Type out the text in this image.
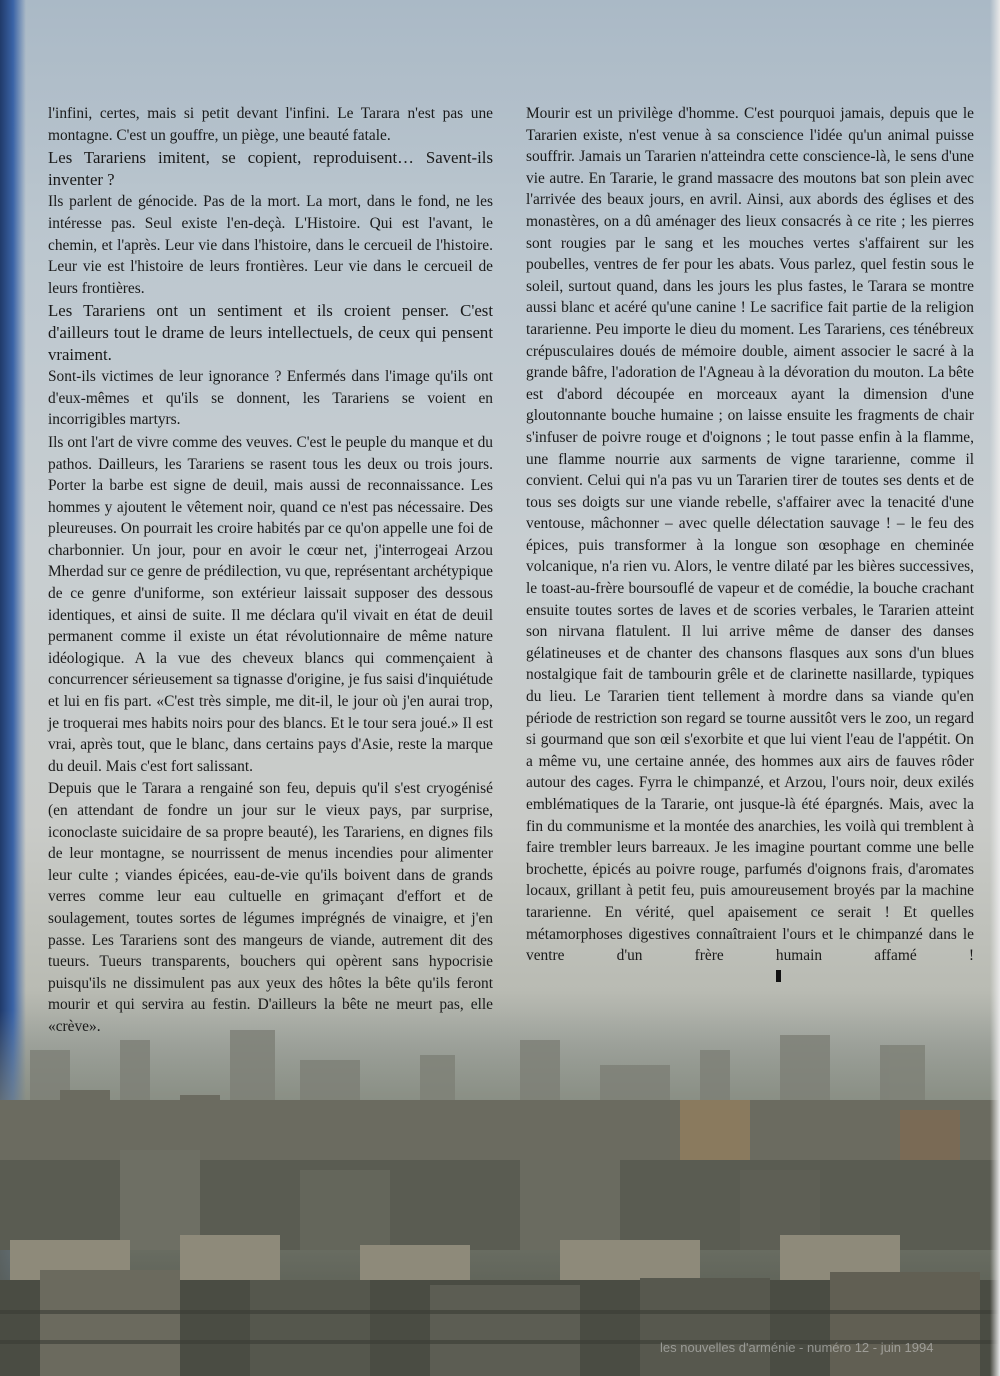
l'infini, certes, mais si petit devant l'infini. Le Tarara n'est pas une montagne. C'est un gouffre, un piège, une beauté fatale.

Les Tarariens imitent, se copient, reproduisent… Savent-ils inventer ?

Ils parlent de génocide. Pas de la mort. La mort, dans le fond, ne les intéresse pas. Seul existe l'en-deçà. L'Histoire. Qui est l'avant, le chemin, et l'après. Leur vie dans l'histoire, dans le cercueil de l'histoire. Leur vie est l'histoire de leurs frontières. Leur vie dans le cercueil de leurs frontières.

Les Tarariens ont un sentiment et ils croient penser. C'est d'ailleurs tout le drame de leurs intellectuels, de ceux qui pensent vraiment.

Sont-ils victimes de leur ignorance ? Enfermés dans l'image qu'ils ont d'eux-mêmes et qu'ils se donnent, les Tarariens se voient en incorrigibles martyrs.

Ils ont l'art de vivre comme des veuves. C'est le peuple du manque et du pathos. Dailleurs, les Tarariens se rasent tous les deux ou trois jours. Porter la barbe est signe de deuil, mais aussi de reconnaissance. Les hommes y ajoutent le vêtement noir, quand ce n'est pas nécessaire. Des pleureuses. On pourrait les croire habités par ce qu'on appelle une foi de charbonnier. Un jour, pour en avoir le cœur net, j'interrogeai Arzou Mherdad sur ce genre de prédilection, vu que, représentant archétypique de ce genre d'uniforme, son extérieur laissait supposer des dessous identiques, et ainsi de suite. Il me déclara qu'il vivait en état de deuil permanent comme il existe un état révolutionnaire de même nature idéologique. A la vue des cheveux blancs qui commençaient à concurrencer sérieusement sa tignasse d'origine, je fus saisi d'inquiétude et lui en fis part. «C'est très simple, me dit-il, le jour où j'en aurai trop, je troquerai mes habits noirs pour des blancs. Et le tour sera joué.» Il est vrai, après tout, que le blanc, dans certains pays d'Asie, reste la marque du deuil. Mais c'est fort salissant.

Depuis que le Tarara a rengainé son feu, depuis qu'il s'est cryogénisé (en attendant de fondre un jour sur le vieux pays, par surprise, iconoclaste suicidaire de sa propre beauté), les Tarariens, en dignes fils de leur montagne, se nourrissent de menus incendies pour alimenter leur culte ; viandes épicées, eau-de-vie qu'ils boivent dans de grands verres comme leur eau cultuelle en grimaçant d'effort et de soulagement, toutes sortes de légumes imprégnés de vinaigre, et j'en passe. Les Tarariens sont des mangeurs de viande, autrement dit des tueurs. Tueurs transparents, bouchers qui opèrent sans hypocrisie puisqu'ils ne dissimulent pas aux yeux des hôtes la bête qu'ils feront mourir et qui servira au festin. D'ailleurs la bête ne meurt pas, elle «crève».

Mourir est un privilège d'homme. C'est pourquoi jamais, depuis que le Tararien existe, n'est venue à sa conscience l'idée qu'un animal puisse souffrir. Jamais un Tararien n'atteindra cette conscience-là, le sens d'une vie autre. En Tararie, le grand massacre des moutons bat son plein avec l'arrivée des beaux jours, en avril. Ainsi, aux abords des églises et des monastères, on a dû aménager des lieux consacrés à ce rite ; les pierres sont rougies par le sang et les mouches vertes s'affairent sur les poubelles, ventres de fer pour les abats. Vous parlez, quel festin sous le soleil, surtout quand, dans les jours les plus fastes, le Tarara se montre aussi blanc et acéré qu'une canine ! Le sacrifice fait partie de la religion tararienne. Peu importe le dieu du moment. Les Tarariens, ces ténébreux crépusculaires doués de mémoire double, aiment associer le sacré à la grande bâfre, l'adoration de l'Agneau à la dévoration du mouton. La bête est d'abord découpée en morceaux ayant la dimension d'une gloutonnante bouche humaine ; on laisse ensuite les fragments de chair s'infuser de poivre rouge et d'oignons ; le tout passe enfin à la flamme, une flamme nourrie aux sarments de vigne tararienne, comme il convient. Celui qui n'a pas vu un Tararien tirer de toutes ses dents et de tous ses doigts sur une viande rebelle, s'affairer avec la tenacité d'une ventouse, mâchonner – avec quelle délectation sauvage ! – le feu des épices, puis transformer à la longue son œsophage en cheminée volcanique, n'a rien vu. Alors, le ventre dilaté par les bières successives, le toast-au-frère boursouflé de vapeur et de comédie, la bouche crachant ensuite toutes sortes de laves et de scories verbales, le Tararien atteint son nirvana flatulent. Il lui arrive même de danser des danses gélatineuses et de chanter des chansons flasques aux sons d'un blues nostalgique fait de tambourin grêle et de clarinette nasillarde, typiques du lieu. Le Tararien tient tellement à mordre dans sa viande qu'en période de restriction son regard se tourne aussitôt vers le zoo, un regard si gourmand que son œil s'exorbite et que lui vient l'eau de l'appétit. On a même vu, une certaine année, des hommes aux airs de fauves rôder autour des cages. Fyrra le chimpanzé, et Arzou, l'ours noir, deux exilés emblématiques de la Tararie, ont jusque-là été épargnés. Mais, avec la fin du communisme et la montée des anarchies, les voilà qui tremblent à faire trembler leurs barreaux. Je les imagine pourtant comme une belle brochette, épicés au poivre rouge, parfumés d'oignons frais, d'aromates locaux, grillant à petit feu, puis amoureusement broyés par la machine tararienne. En vérité, quel apaisement ce serait ! Et quelles métamorphoses digestives connaîtraient l'ours et le chimpanzé dans le ventre d'un frère humain affamé !

les nouvelles d'arménie - numéro 12 - juin 1994
